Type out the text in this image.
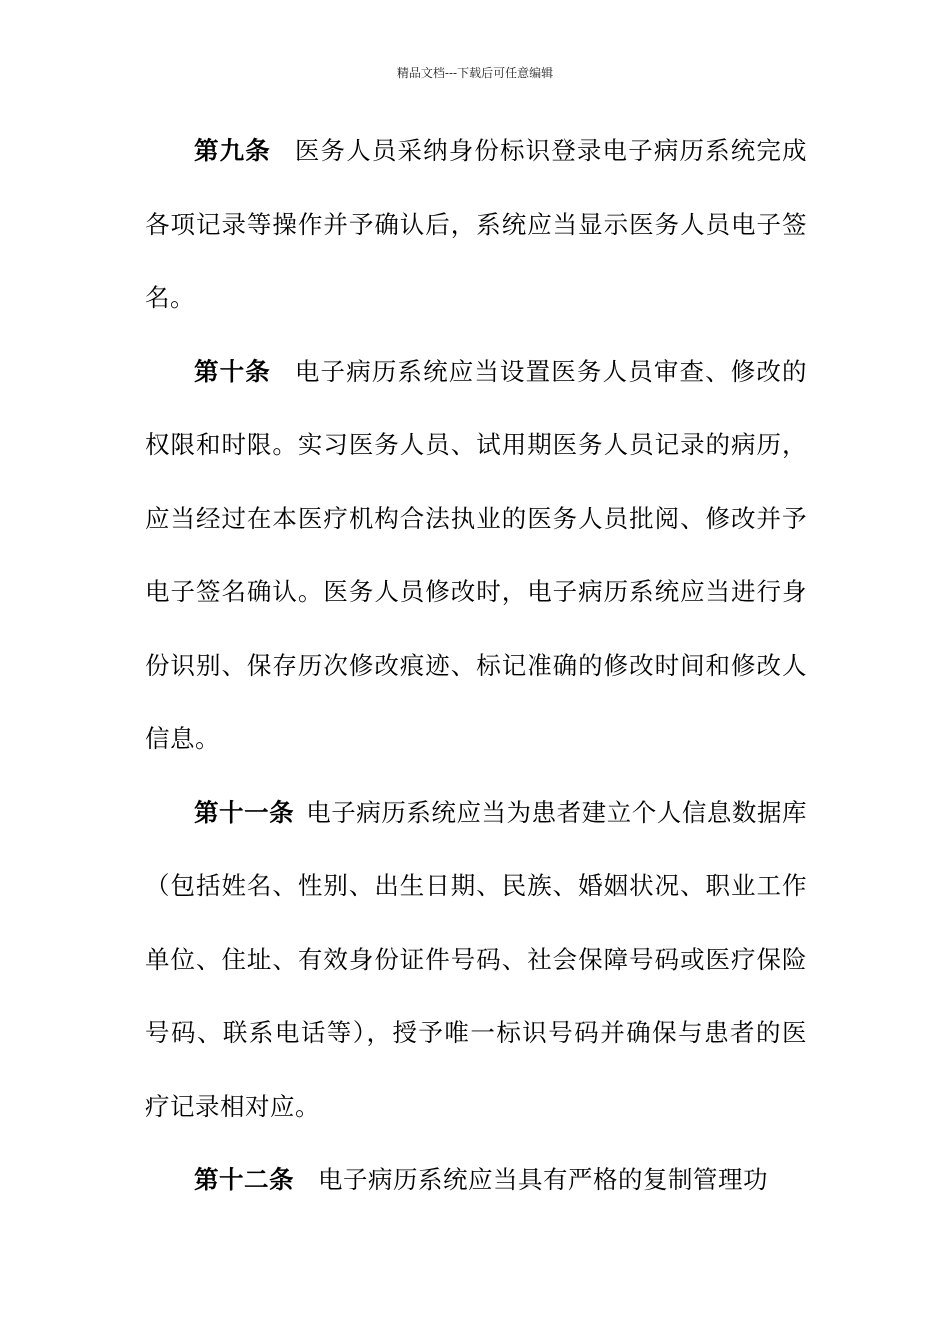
精品文档---下载后可任意编辑

第九条 医务人员采纳身份标识登录电子病历系统完成各项记录等操作并予确认后，系统应当显示医务人员电子签名。

第十条 电子病历系统应当设置医务人员审查、修改的权限和时限。实习医务人员、试用期医务人员记录的病历，应当经过在本医疗机构合法执业的医务人员批阅、修改并予电子签名确认。医务人员修改时，电子病历系统应当进行身份识别、保存历次修改痕迹、标记准确的修改时间和修改人信息。

第十一条 电子病历系统应当为患者建立个人信息数据库（包括姓名、性别、出生日期、民族、婚姻状况、职业工作单位、住址、有效身份证件号码、社会保障号码或医疗保险号码、联系电话等），授予唯一标识号码并确保与患者的医疗记录相对应。

第十二条 电子病历系统应当具有严格的复制管理功
